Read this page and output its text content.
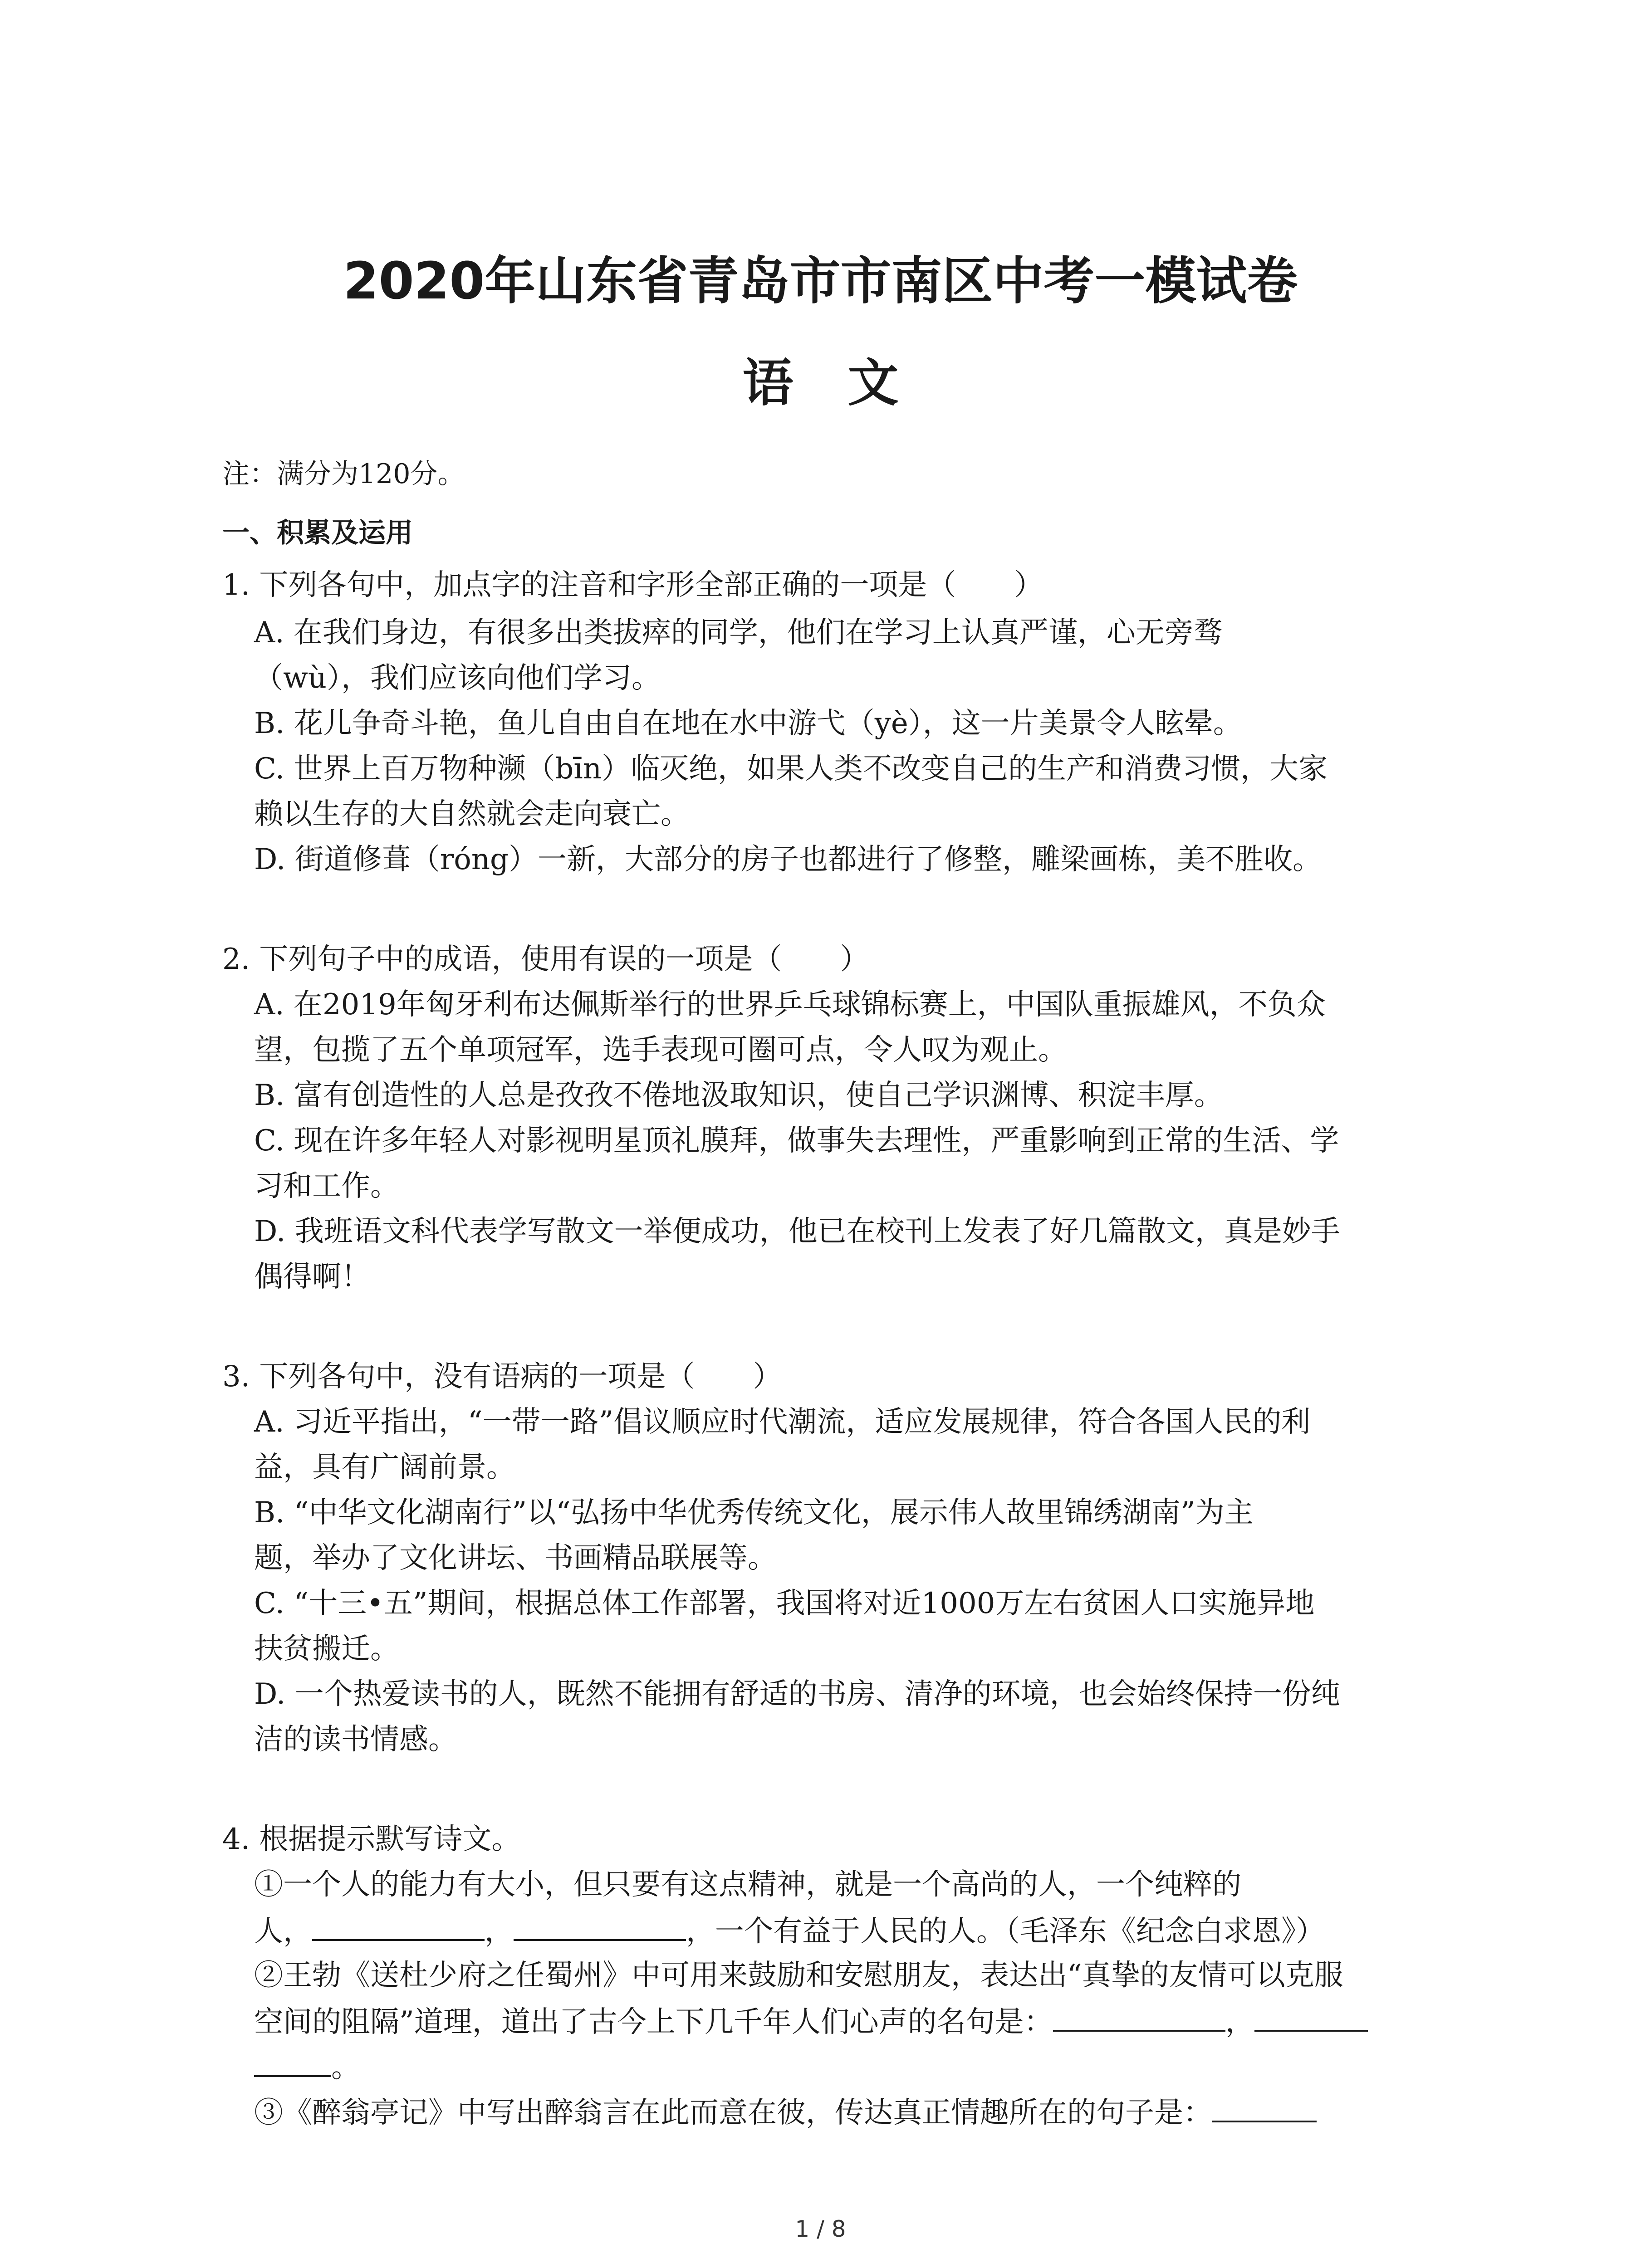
2020年山东省青岛市市南区中考一模试卷
语文
注：满分为120分。
一、积累及运用
1. 下列各句中，加点字的注音和字形全部正确的一项是（　　）
A. 在我们身边，有很多出类拔瘁的同学，他们在学习上认真严谨，心无旁骛
（wù），我们应该向他们学习。
B. 花儿争奇斗艳，鱼儿自由自在地在水中游弋（yè），这一片美景令人眩晕。
C. 世界上百万物种濒（bīn）临灭绝，如果人类不改变自己的生产和消费习惯，大家
赖以生存的大自然就会走向衰亡。
D. 街道修葺（róng）一新，大部分的房子也都进行了修整，雕梁画栋，美不胜收。
2. 下列句子中的成语，使用有误的一项是（　　）
A. 在2019年匈牙利布达佩斯举行的世界乒乓球锦标赛上，中国队重振雄风，不负众
望，包揽了五个单项冠军，选手表现可圈可点，令人叹为观止。
B. 富有创造性的人总是孜孜不倦地汲取知识，使自己学识渊博、积淀丰厚。
C. 现在许多年轻人对影视明星顶礼膜拜，做事失去理性，严重影响到正常的生活、学
习和工作。
D. 我班语文科代表学写散文一举便成功，他已在校刊上发表了好几篇散文，真是妙手
偶得啊！
3. 下列各句中，没有语病的一项是（　　）
A. 习近平指出，“一带一路”倡议顺应时代潮流，适应发展规律，符合各国人民的利
益，具有广阔前景。
B. “中华文化湖南行”以“弘扬中华优秀传统文化，展示伟人故里锦绣湖南”为主
题，举办了文化讲坛、书画精品联展等。
C. “十三•五”期间，根据总体工作部署，我国将对近1000万左右贫困人口实施异地
扶贫搬迁。
D. 一个热爱读书的人，既然不能拥有舒适的书房、清净的环境，也会始终保持一份纯
洁的读书情感。
4. 根据提示默写诗文。
①一个人的能力有大小，但只要有这点精神，就是一个高尚的人，一个纯粹的
人，	，	，一个有益于人民的人。（毛泽东《纪念白求恩》）
②王勃《送杜少府之任蜀州》中可用来鼓励和安慰朋友，表达出“真挚的友情可以克服
空间的阻隔”道理，道出了古今上下几千年人们心声的名句是：	，
。
③《醉翁亭记》中写出醉翁言在此而意在彼，传达真正情趣所在的句子是：
1 / 8
